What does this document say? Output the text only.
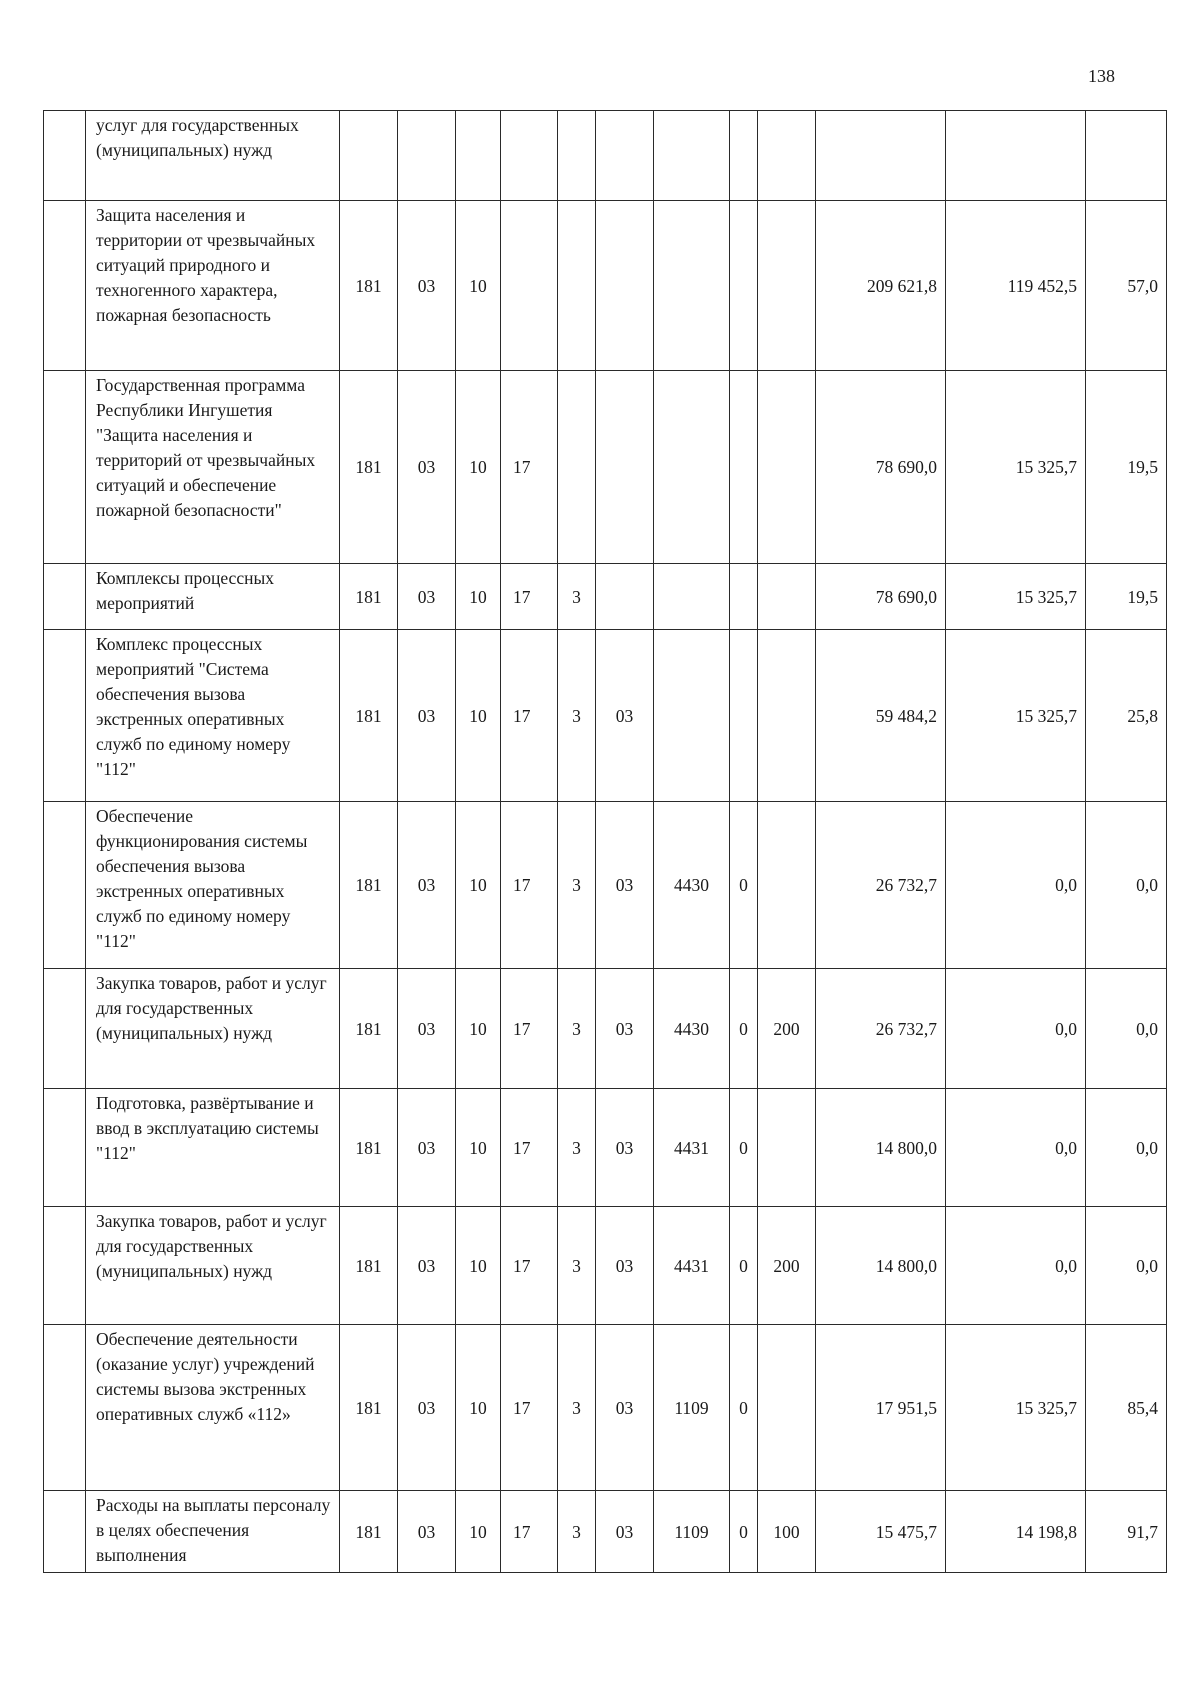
138
	услуг для государственных (муниципальных) нужд												
	Защита населения и территории от чрезвычайных ситуаций природного и техногенного характера, пожарная безопасность	181	03	10							209 621,8	119 452,5	57,0
	Государственная программа Республики Ингушетия "Защита населения и территорий от чрезвычайных ситуаций и обеспечение пожарной безопасности"	181	03	10	17						78 690,0	15 325,7	19,5
	Комплексы процессных мероприятий	181	03	10	17	3					78 690,0	15 325,7	19,5
	Комплекс процессных мероприятий "Система обеспечения вызова экстренных оперативных служб по единому номеру "112"	181	03	10	17	3	03				59 484,2	15 325,7	25,8
	Обеспечение функционирования системы обеспечения вызова экстренных оперативных служб по единому номеру "112"	181	03	10	17	3	03	4430	0		26 732,7	0,0	0,0
	Закупка товаров, работ и услуг для государственных (муниципальных) нужд	181	03	10	17	3	03	4430	0	200	26 732,7	0,0	0,0
	Подготовка, развёртывание и ввод в эксплуатацию системы "112"	181	03	10	17	3	03	4431	0		14 800,0	0,0	0,0
	Закупка товаров, работ и услуг для государственных (муниципальных) нужд	181	03	10	17	3	03	4431	0	200	14 800,0	0,0	0,0
	Обеспечение деятельности (оказание услуг) учреждений системы вызова экстренных оперативных служб «112»	181	03	10	17	3	03	1109	0		17 951,5	15 325,7	85,4
	Расходы на выплаты персоналу в целях обеспечения выполнения	181	03	10	17	3	03	1109	0	100	15 475,7	14 198,8	91,7
